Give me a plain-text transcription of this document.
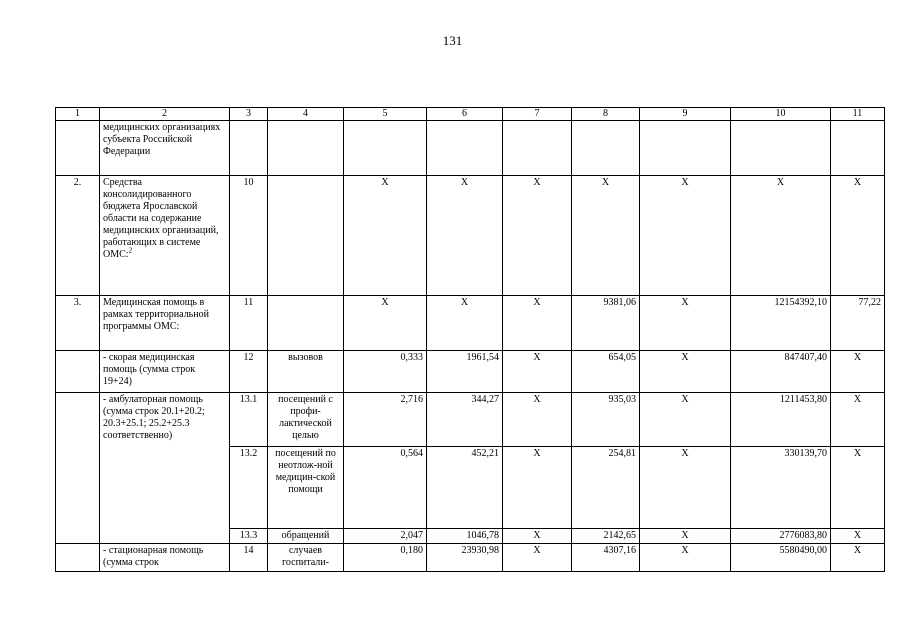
131
1	2	3	4	5	6	7	8	9	10	11
	медицинских организациях субъекта Российской Федерации									
2.	Средства консолидированного бюджета Ярославской области на содержание медицинских организаций, работающих в системе ОМС:$^2$	10		Х	Х	Х	Х	Х	Х	Х
3.	Медицинская помощь в рамках территориальной программы ОМС:	11		Х	Х	Х	9381,06	Х	12154392,10	77,22
	- скорая медицинская помощь (сумма строк 19+24)	12	вызовов	0,333	1961,54	Х	654,05	Х	847407,40	Х
	- амбулаторная помощь (сумма строк 20.1+20.2; 20.3+25.1; 25.2+25.3 соответственно)	13.1	посещений с профи-лактической целью	2,716	344,27	Х	935,03	Х	1211453,80	Х
		13.2	посещений по неотлож-ной медицин-ской помощи	0,564	452,21	Х	254,81	Х	330139,70	Х
		13.3	обращений	2,047	1046,78	Х	2142,65	Х	2776083,80	Х
	- стационарная помощь (сумма строк	14	случаев госпитали-	0,180	23930,98	Х	4307,16	Х	5580490,00	Х
